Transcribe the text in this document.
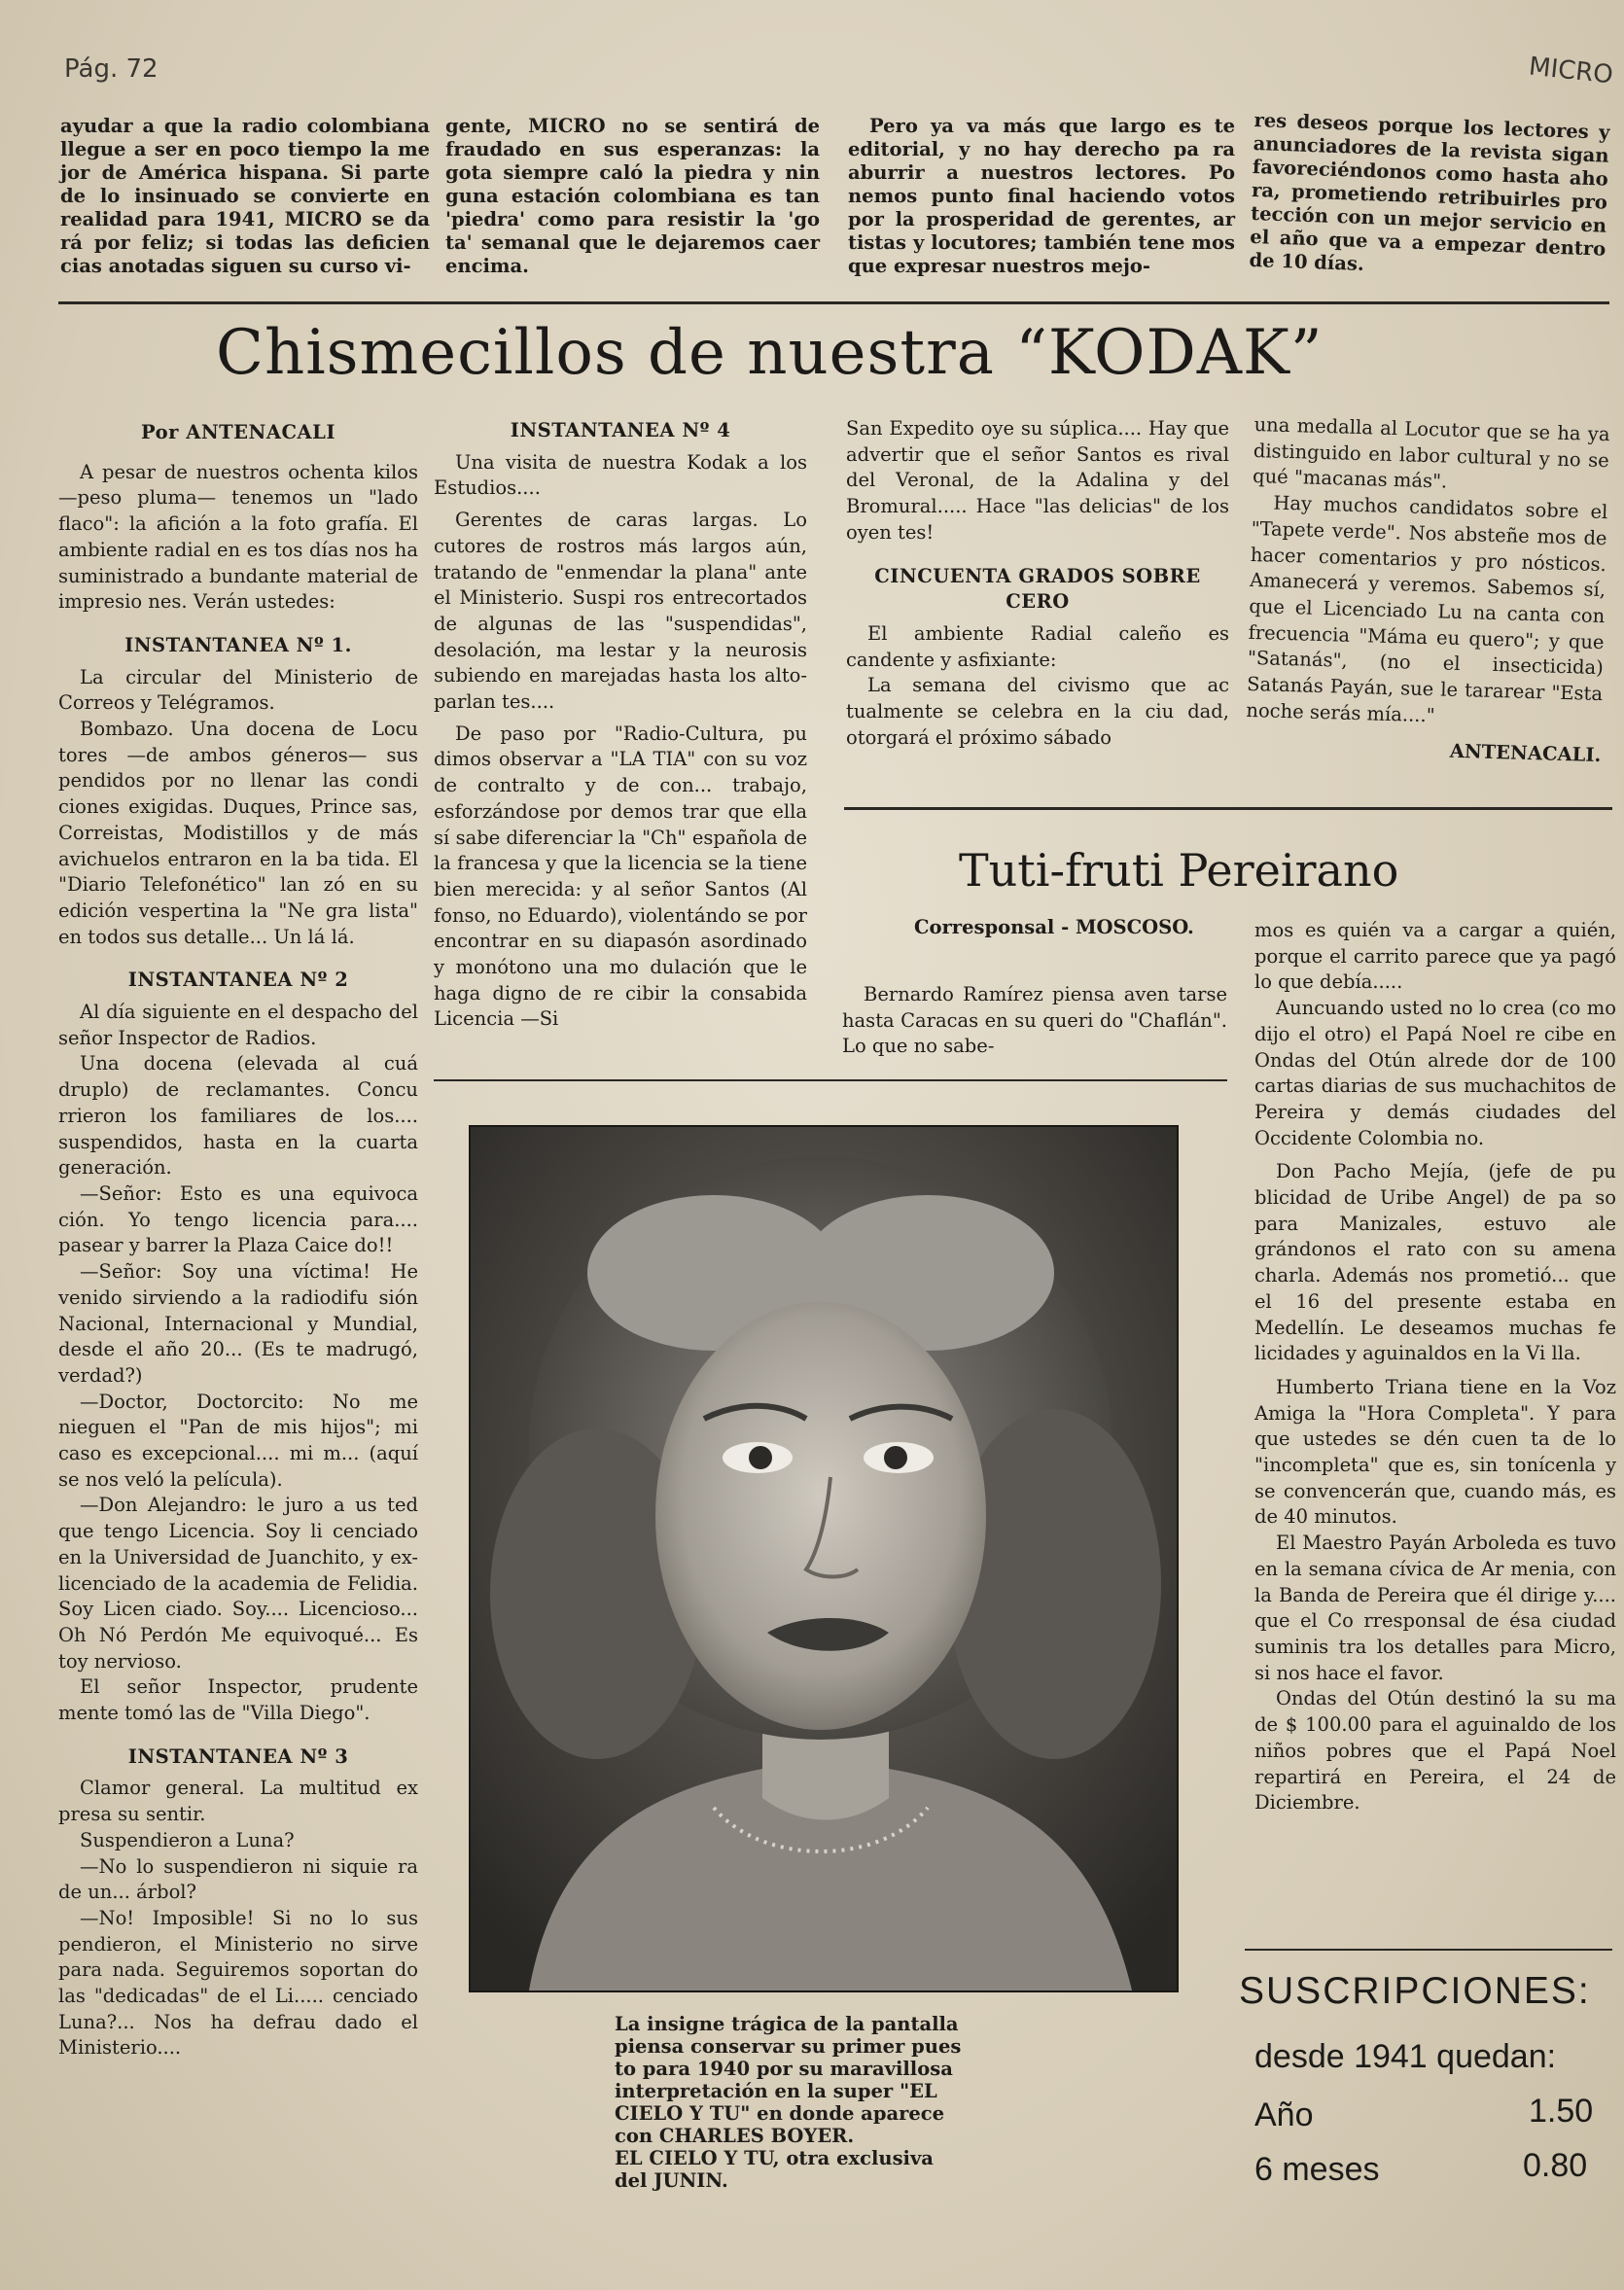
Pág. 72	MICRO

ayudar a que la radio colombiana llegue a ser en poco tiempo la me jor de América hispana. Si parte de lo insinuado se convierte en realidad para 1941, MICRO se da rá por feliz; si todas las deficien cias anotadas siguen su curso vi-

gente, MICRO no se sentirá de fraudado en sus esperanzas: la gota siempre caló la piedra y nin guna estación colombiana es tan 'piedra' como para resistir la 'go ta' semanal que le dejaremos caer encima.

Pero ya va más que largo es te editorial, y no hay derecho pa ra aburrir a nuestros lectores. Po nemos punto final haciendo votos por la prosperidad de gerentes, ar tistas y locutores; también tene mos que expresar nuestros mejo-

res deseos porque los lectores y anunciadores de la revista sigan favoreciéndonos como hasta aho ra, prometiendo retribuirles pro tección con un mejor servicio en el año que va a empezar dentro de 10 días.

Chismecillos de nuestra “KODAK”
Por ANTENACALI

A pesar de nuestros ochenta kilos —peso pluma— tenemos un "lado flaco": la afición a la foto grafía. El ambiente radial en es tos días nos ha suministrado a bundante material de impresio nes. Verán ustedes:

INSTANTANEA Nº 1.

La circular del Ministerio de Correos y Telégramos.

Bombazo. Una docena de Locu tores —de ambos géneros— sus pendidos por no llenar las condi ciones exigidas. Duques, Prince sas, Correistas, Modistillos y de más avichuelos entraron en la ba tida. El "Diario Telefonético" lan zó en su edición vespertina la "Ne gra lista" en todos sus detalle... Un lá lá.

INSTANTANEA Nº 2

Al día siguiente en el despacho del señor Inspector de Radios.

Una docena (elevada al cuá druplo) de reclamantes. Concu rrieron los familiares de los.... suspendidos, hasta en la cuarta generación.

—Señor: Esto es una equivoca ción. Yo tengo licencia para.... pasear y barrer la Plaza Caice do!!

—Señor: Soy una víctima! He venido sirviendo a la radiodifu sión Nacional, Internacional y Mundial, desde el año 20... (Es te madrugó, verdad?)

—Doctor, Doctorcito: No me nieguen el "Pan de mis hijos"; mi caso es excepcional.... mi m... (aquí se nos veló la película).

—Don Alejandro: le juro a us ted que tengo Licencia. Soy li cenciado en la Universidad de Juanchito, y ex-licenciado de la academia de Felidia. Soy Licen ciado. Soy.... Licencioso... Oh Nó Perdón Me equivoqué... Es toy nervioso.

El señor Inspector, prudente mente tomó las de "Villa Diego".

INSTANTANEA Nº 3

Clamor general. La multitud ex presa su sentir.

Suspendieron a Luna?

—No lo suspendieron ni siquie ra de un... árbol?

—No! Imposible! Si no lo sus pendieron, el Ministerio no sirve para nada. Seguiremos soportan do las "dedicadas" de el Li..... cenciado Luna?... Nos ha defrau dado el Ministerio....

INSTANTANEA Nº 4

Una visita de nuestra Kodak a los Estudios....

Gerentes de caras largas. Lo cutores de rostros más largos aún, tratando de "enmendar la plana" ante el Ministerio. Suspi ros entrecortados de algunas de las "suspendidas", desolación, ma lestar y la neurosis subiendo en marejadas hasta los alto-parlan tes....

De paso por "Radio-Cultura, pu dimos observar a "LA TIA" con su voz de contralto y de con... trabajo, esforzándose por demos trar que ella sí sabe diferenciar la "Ch" española de la francesa y que la licencia se la tiene bien merecida: y al señor Santos (Al fonso, no Eduardo), violentándo se por encontrar en su diapasón asordinado y monótono una mo dulación que le haga digno de re cibir la consabida Licencia —Si

San Expedito oye su súplica.... Hay que advertir que el señor Santos es rival del Veronal, de la Adalina y del Bromural..... Hace "las delicias" de los oyen tes!

CINCUENTA GRADOS SOBRE CERO

El ambiente Radial caleño es candente y asfixiante:

La semana del civismo que ac tualmente se celebra en la ciu dad, otorgará el próximo sábado

una medalla al Locutor que se ha ya distinguido en labor cultural y no se qué "macanas más".

Hay muchos candidatos sobre el "Tapete verde". Nos absteñe mos de hacer comentarios y pro nósticos. Amanecerá y veremos. Sabemos sí, que el Licenciado Lu na canta con frecuencia "Máma eu quero"; y que "Satanás", (no el insecticida) Satanás Payán, sue le tararear "Esta noche serás mía...."

ANTENACALI.

Tuti-fruti Pereirano
Corresponsal - MOSCOSO.

Bernardo Ramírez piensa aven tarse hasta Caracas en su queri do "Chaflán". Lo que no sabe-

mos es quién va a cargar a quién, porque el carrito parece que ya pagó lo que debía.....

Auncuando usted no lo crea (co mo dijo el otro) el Papá Noel re cibe en Ondas del Otún alrede dor de 100 cartas diarias de sus muchachitos de Pereira y demás ciudades del Occidente Colombia no.

Don Pacho Mejía, (jefe de pu blicidad de Uribe Angel) de pa so para Manizales, estuvo ale grándonos el rato con su amena charla. Además nos prometió... que el 16 del presente estaba en Medellín. Le deseamos muchas fe licidades y aguinaldos en la Vi lla.

Humberto Triana tiene en la Voz Amiga la "Hora Completa". Y para que ustedes se dén cuen ta de lo "incompleta" que es, sin tonícenla y se convencerán que, cuando más, es de 40 minutos.

El Maestro Payán Arboleda es tuvo en la semana cívica de Ar menia, con la Banda de Pereira que él dirige y.... que el Co rresponsal de ésa ciudad suminis tra los detalles para Micro, si nos hace el favor.

Ondas del Otún destinó la su ma de $ 100.00 para el aguinaldo de los niños pobres que el Papá Noel repartirá en Pereira, el 24 de Diciembre.

La insigne trágica de la pantalla
piensa conservar su primer pues
to para 1940 por su maravillosa
interpretación en la super "EL
CIELO Y TU" en donde aparece
con CHARLES BOYER.
EL CIELO Y TU, otra exclusiva
del JUNIN.
SUSCRIPCIONES:
desde 1941 quedan:
Año	1.50
6 meses	0.80
